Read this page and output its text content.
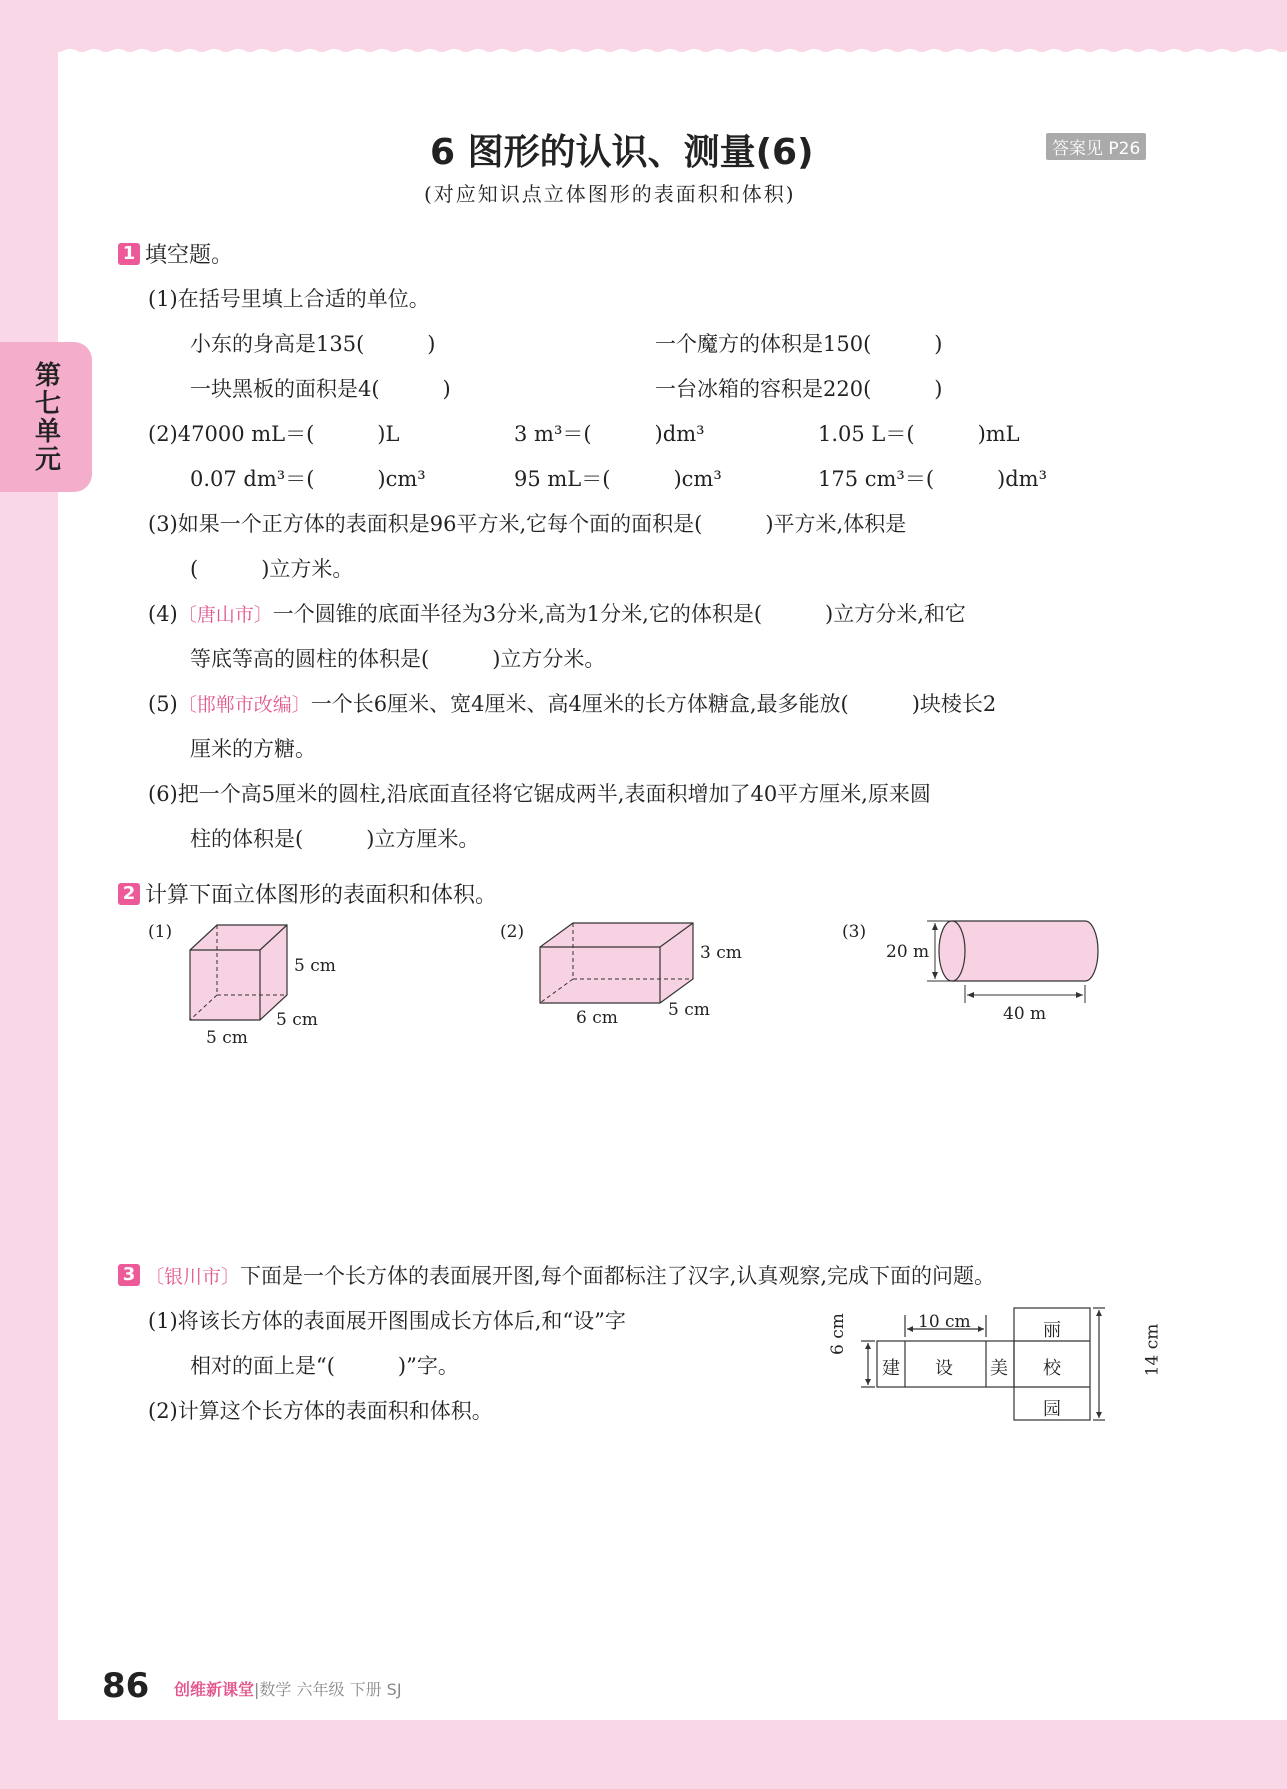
第七单元
6 图形的认识、测量(6)	答案见 P26
(对应知识点立体图形的表面积和体积)
1 填空题。
(1)在括号里填上合适的单位。
小东的身高是135(　　　)	一个魔方的体积是150(　　　)
一块黑板的面积是4(　　　)	一台冰箱的容积是220(　　　)
(2)47000 mL＝(　　　)L	3 m³＝(　　　)dm³	1.05 L＝(　　　)mL
0.07 dm³＝(　　　)cm³	95 mL＝(　　　)cm³	175 cm³＝(　　　)dm³
(3)如果一个正方体的表面积是96平方米,它每个面的面积是(　　　)平方米,体积是
(　　　)立方米。
(4)〔唐山市〕一个圆锥的底面半径为3分米,高为1分米,它的体积是(　　　)立方分米,和它
等底等高的圆柱的体积是(　　　)立方分米。
(5)〔邯郸市改编〕一个长6厘米、宽4厘米、高4厘米的长方体糖盒,最多能放(　　　)块棱长2
厘米的方糖。
(6)把一个高5厘米的圆柱,沿底面直径将它锯成两半,表面积增加了40平方厘米,原来圆
柱的体积是(　　　)立方厘米。
2 计算下面立体图形的表面积和体积。
(1)
5 cm
5 cm
5 cm
(2)
3 cm
6 cm	5 cm
(3)
20 m
40 m
3 〔银川市〕 下面是一个长方体的表面展开图,每个面都标注了汉字,认真观察,完成下面的问题。
(1)将该长方体的表面展开图围成长方体后,和“设”字
相对的面上是“(　　　)”字。
(2)计算这个长方体的表面积和体积。
10 cm
6 cm	14 cm
建 设 美
丽
校
园
86 创维新课堂|数学 六年级 下册 SJ
